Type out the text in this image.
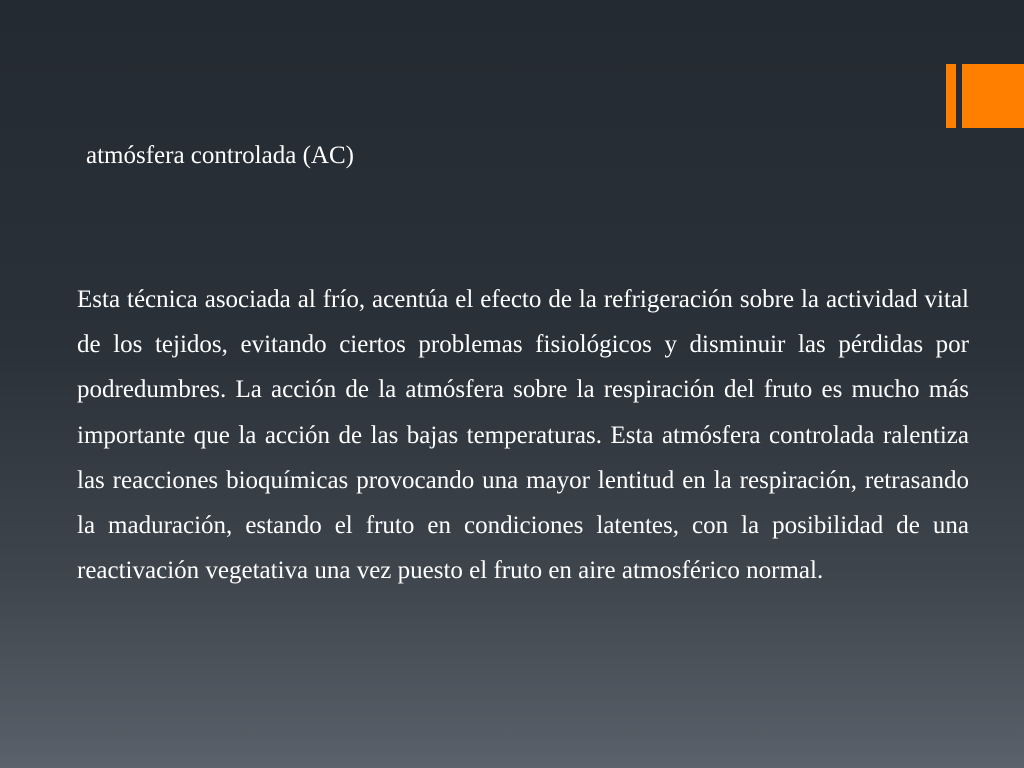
atmósfera controlada (AC)

Esta técnica asociada al frío, acentúa el efecto de la refrigeración sobre la actividad vital de los tejidos, evitando ciertos problemas fisiológicos y disminuir las pérdidas por podredumbres. La acción de la atmósfera sobre la respiración del fruto es mucho más importante que la acción de las bajas temperaturas. Esta atmósfera controlada ralentiza las reacciones bioquímicas provocando una mayor lentitud en la respiración, retrasando la maduración, estando el fruto en condiciones latentes, con la posibilidad de una reactivación vegetativa una vez puesto el fruto en aire atmosférico normal.
